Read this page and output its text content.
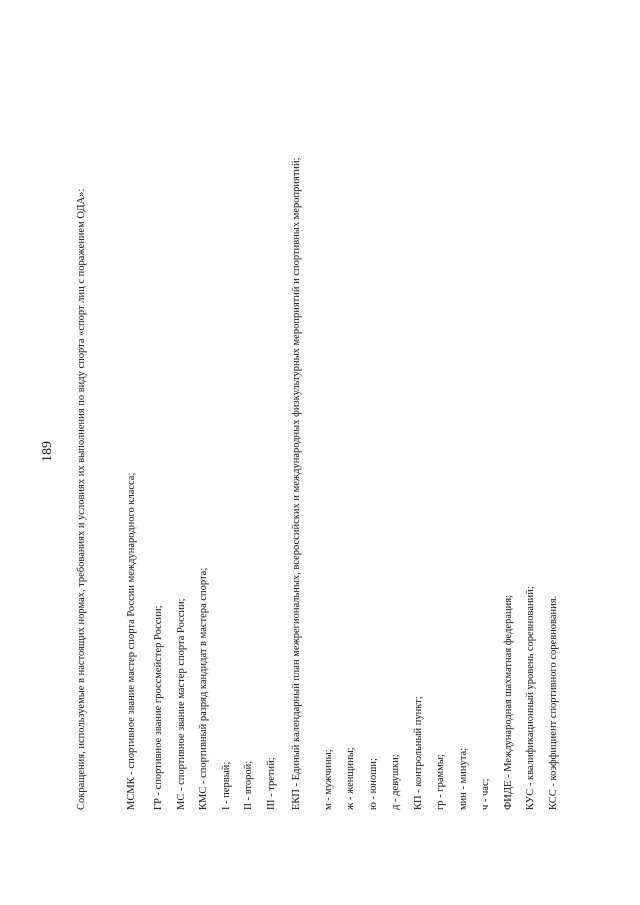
189 Сокращения, используемые в настоящих нормах, требованиях и условиях их выполнения по виду спорта «спорт лиц с поражением ОДА»:	МСМК - спортивное звание мастер спорта России международного класса; ГР - спортивное звание гроссмейстер России; МС - спортивное звание мастер спорта России; КМС - спортивный разряд кандидат в мастера спорта; I - первый; II - второй; III - третий; ЕКП - Единый календарный план межрегиональных, всероссийских и международных физкультурных мероприятий и спортивных мероприятий; м - мужчины; ж - женщины; ю - юноши; д - девушки; КП - контрольный пункт; гр - граммы; мин - минута; ч - час; ФИДЕ - Международная шахматная федерация; КУС - квалификационный уровень соревнований; КСС - коэффициент спортивного соревнования.
